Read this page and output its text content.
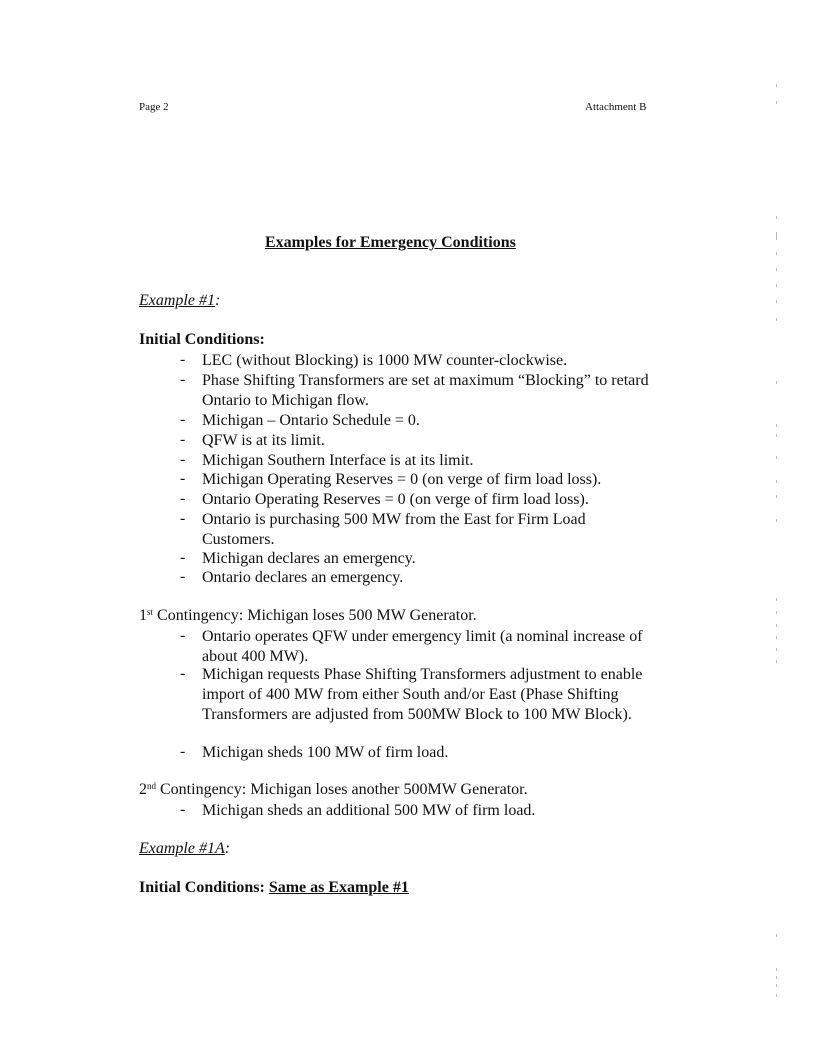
Page 2	Attachment B
Examples for Emergency Conditions
Example #1:
Initial Conditions:
- LEC (without Blocking) is 1000 MW counter-clockwise.
- Phase Shifting Transformers are set at maximum “Blocking” to retard Ontario to Michigan flow.
- Michigan – Ontario Schedule = 0.
- QFW is at its limit.
- Michigan Southern Interface is at its limit.
- Michigan Operating Reserves = 0 (on verge of firm load loss).
- Ontario Operating Reserves = 0 (on verge of firm load loss).
- Ontario is purchasing 500 MW from the East for Firm Load Customers.
- Michigan declares an emergency.
- Ontario declares an emergency.
1st Contingency: Michigan loses 500 MW Generator.
- Ontario operates QFW under emergency limit (a nominal increase of about 400 MW).
- Michigan requests Phase Shifting Transformers adjustment to enable import of 400 MW from either South and/or East (Phase Shifting Transformers are adjusted from 500MW Block to 100 MW Block).
- Michigan sheds 100 MW of firm load.
2nd Contingency: Michigan loses another 500MW Generator.
- Michigan sheds an additional 500 MW of firm load.
Example #1A:
Initial Conditions: Same as Example #1
